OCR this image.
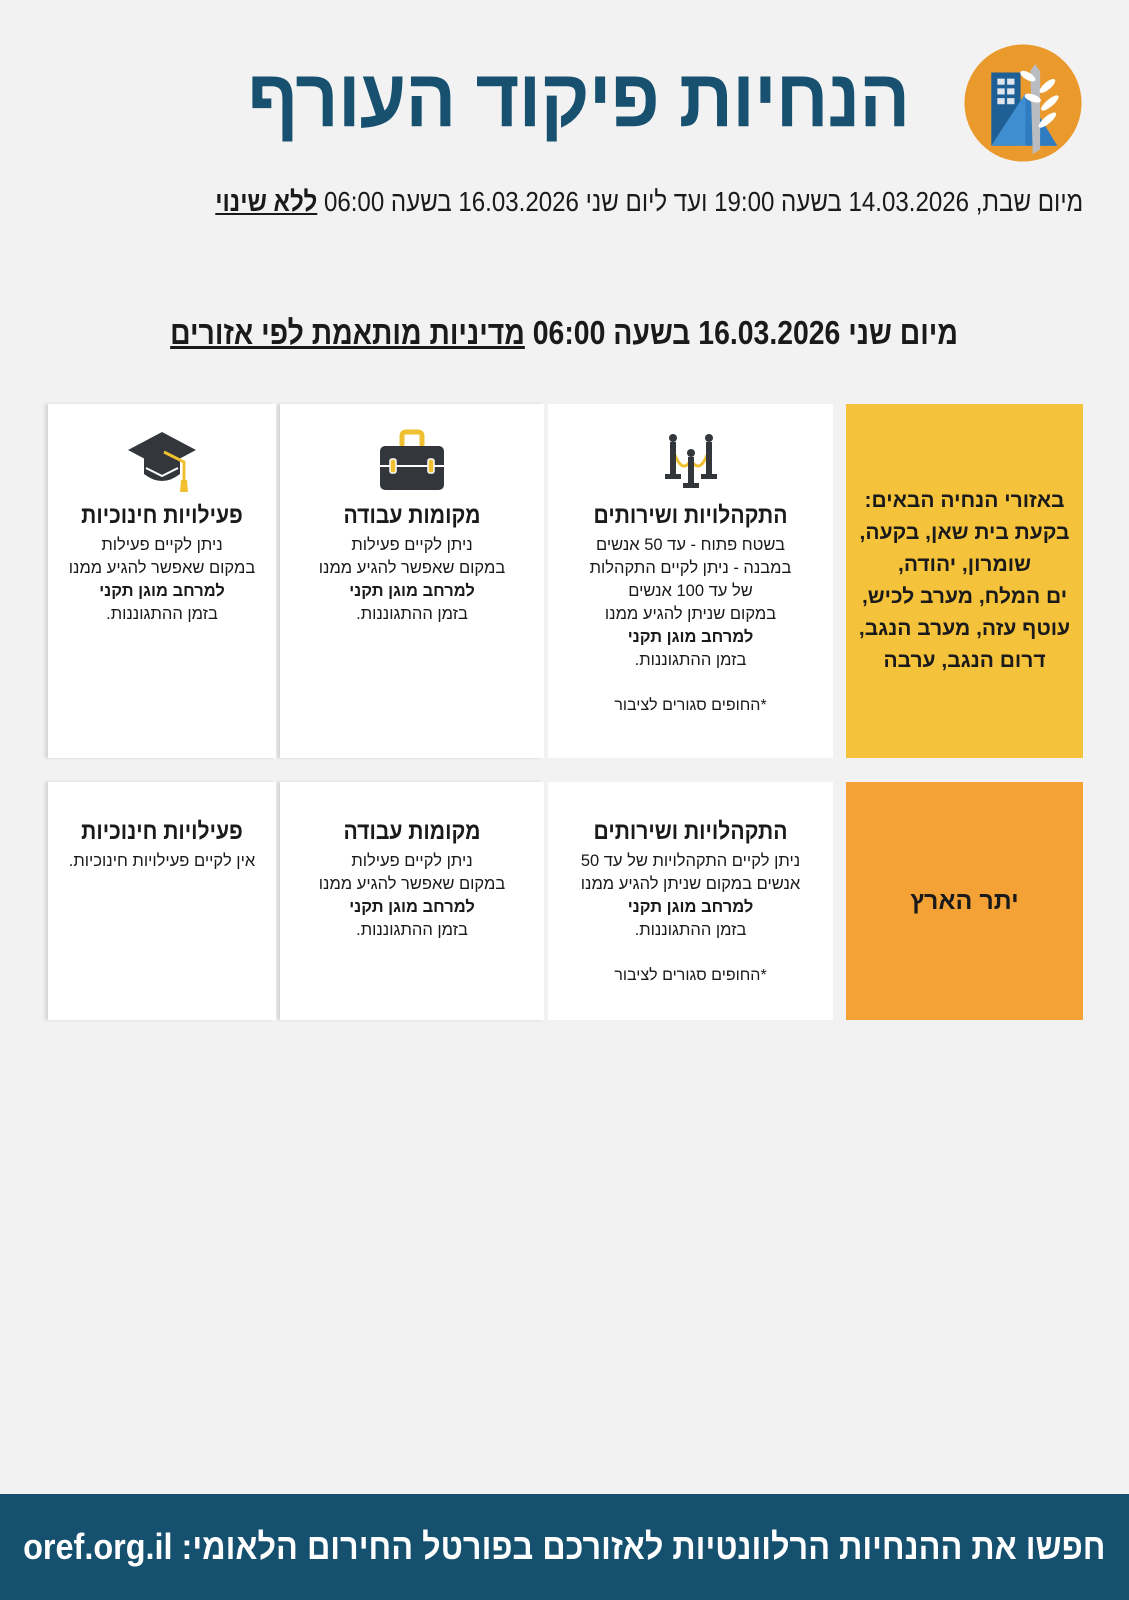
הנחיות פיקוד העורף
מיום שבת, 14.03.2026 בשעה 19:00 ועד ליום שני 16.03.2026 בשעה 06:00 ללא שינוי
מיום שני 16.03.2026 בשעה 06:00 מדיניות מותאמת לפי אזורים
באזורי הנחיה הבאים:
בקעת בית שאן, בקעה,
שומרון, יהודה,
ים המלח, מערב לכיש,
עוטף עזה, מערב הנגב,
דרום הנגב, ערבה
התקהלויות ושירותים
בשטח פתוח - עד 50 אנשים
במבנה - ניתן לקיים התקהלות
של עד 100 אנשים
במקום שניתן להגיע ממנו
למרחב מוגן תקני
בזמן ההתגוננות.
*החופים סגורים לציבור
מקומות עבודה
ניתן לקיים פעילות
במקום שאפשר להגיע ממנו
למרחב מוגן תקני
בזמן ההתגוננות.
פעילויות חינוכיות
ניתן לקיים פעילות
במקום שאפשר להגיע ממנו
למרחב מוגן תקני
בזמן ההתגוננות.
יתר הארץ
התקהלויות ושירותים
ניתן לקיים התקהלויות של עד 50
אנשים במקום שניתן להגיע ממנו
למרחב מוגן תקני
בזמן ההתגוננות.
*החופים סגורים לציבור
מקומות עבודה
ניתן לקיים פעילות
במקום שאפשר להגיע ממנו
למרחב מוגן תקני
בזמן ההתגוננות.
פעילויות חינוכיות
אין לקיים פעילויות חינוכיות.
חפשו את ההנחיות הרלוונטיות לאזורכם בפורטל החירום הלאומי: oref.org.il
